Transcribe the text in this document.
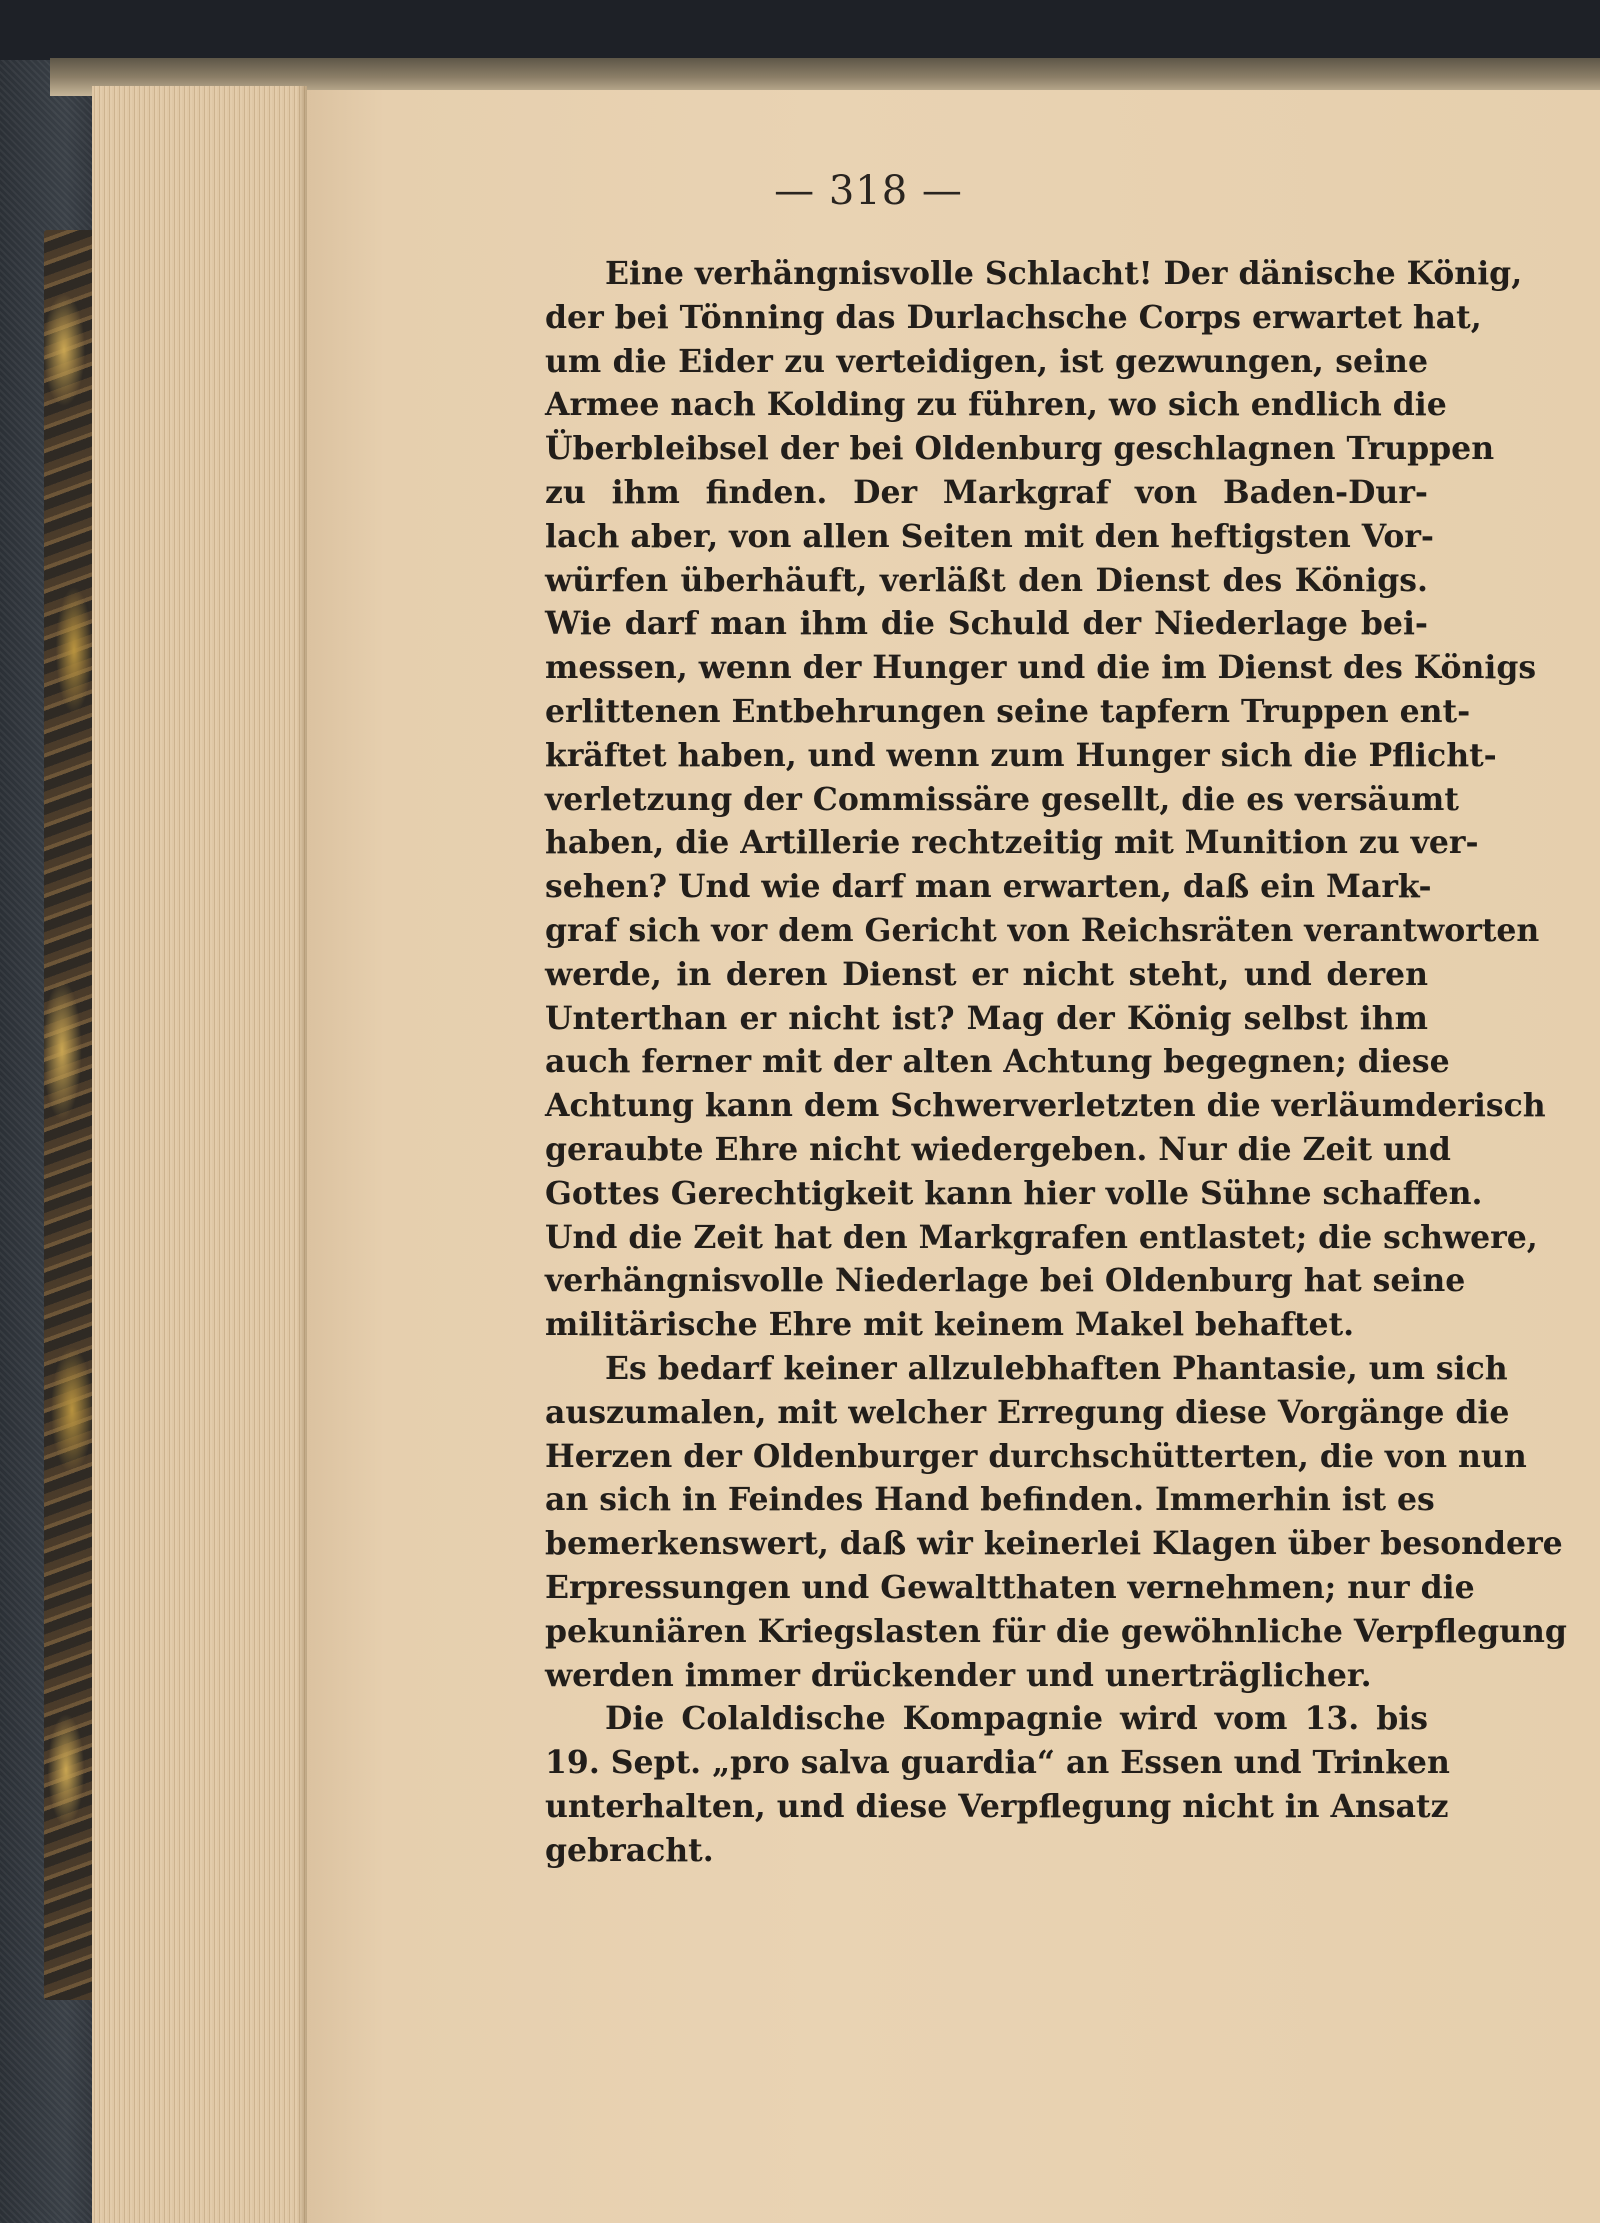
— 318 —
Eine verhängnisvolle Schlacht! Der dänische König,
der bei Tönning das Durlachsche Corps erwartet hat,
um die Eider zu verteidigen, ist gezwungen, seine
Armee nach Kolding zu führen, wo sich endlich die
Überbleibsel der bei Oldenburg geschlagnen Truppen
zu ihm finden. Der Markgraf von Baden-Dur-
lach aber, von allen Seiten mit den heftigsten Vor-
würfen überhäuft, verläßt den Dienst des Königs.
Wie darf man ihm die Schuld der Niederlage bei-
messen, wenn der Hunger und die im Dienst des Königs
erlittenen Entbehrungen seine tapfern Truppen ent-
kräftet haben, und wenn zum Hunger sich die Pflicht-
verletzung der Commissäre gesellt, die es versäumt
haben, die Artillerie rechtzeitig mit Munition zu ver-
sehen? Und wie darf man erwarten, daß ein Mark-
graf sich vor dem Gericht von Reichsräten verantworten
werde, in deren Dienst er nicht steht, und deren
Unterthan er nicht ist? Mag der König selbst ihm
auch ferner mit der alten Achtung begegnen; diese
Achtung kann dem Schwerverletzten die verläumderisch
geraubte Ehre nicht wiedergeben. Nur die Zeit und
Gottes Gerechtigkeit kann hier volle Sühne schaffen.
Und die Zeit hat den Markgrafen entlastet; die schwere,
verhängnisvolle Niederlage bei Oldenburg hat seine
militärische Ehre mit keinem Makel behaftet.
Es bedarf keiner allzulebhaften Phantasie, um sich
auszumalen, mit welcher Erregung diese Vorgänge die
Herzen der Oldenburger durchschütterten, die von nun
an sich in Feindes Hand befinden. Immerhin ist es
bemerkenswert, daß wir keinerlei Klagen über besondere
Erpressungen und Gewaltthaten vernehmen; nur die
pekuniären Kriegslasten für die gewöhnliche Verpflegung
werden immer drückender und unerträglicher.
Die Colaldische Kompagnie wird vom 13. bis
19. Sept. „pro salva guardia“ an Essen und Trinken
unterhalten, und diese Verpflegung nicht in Ansatz
gebracht.
